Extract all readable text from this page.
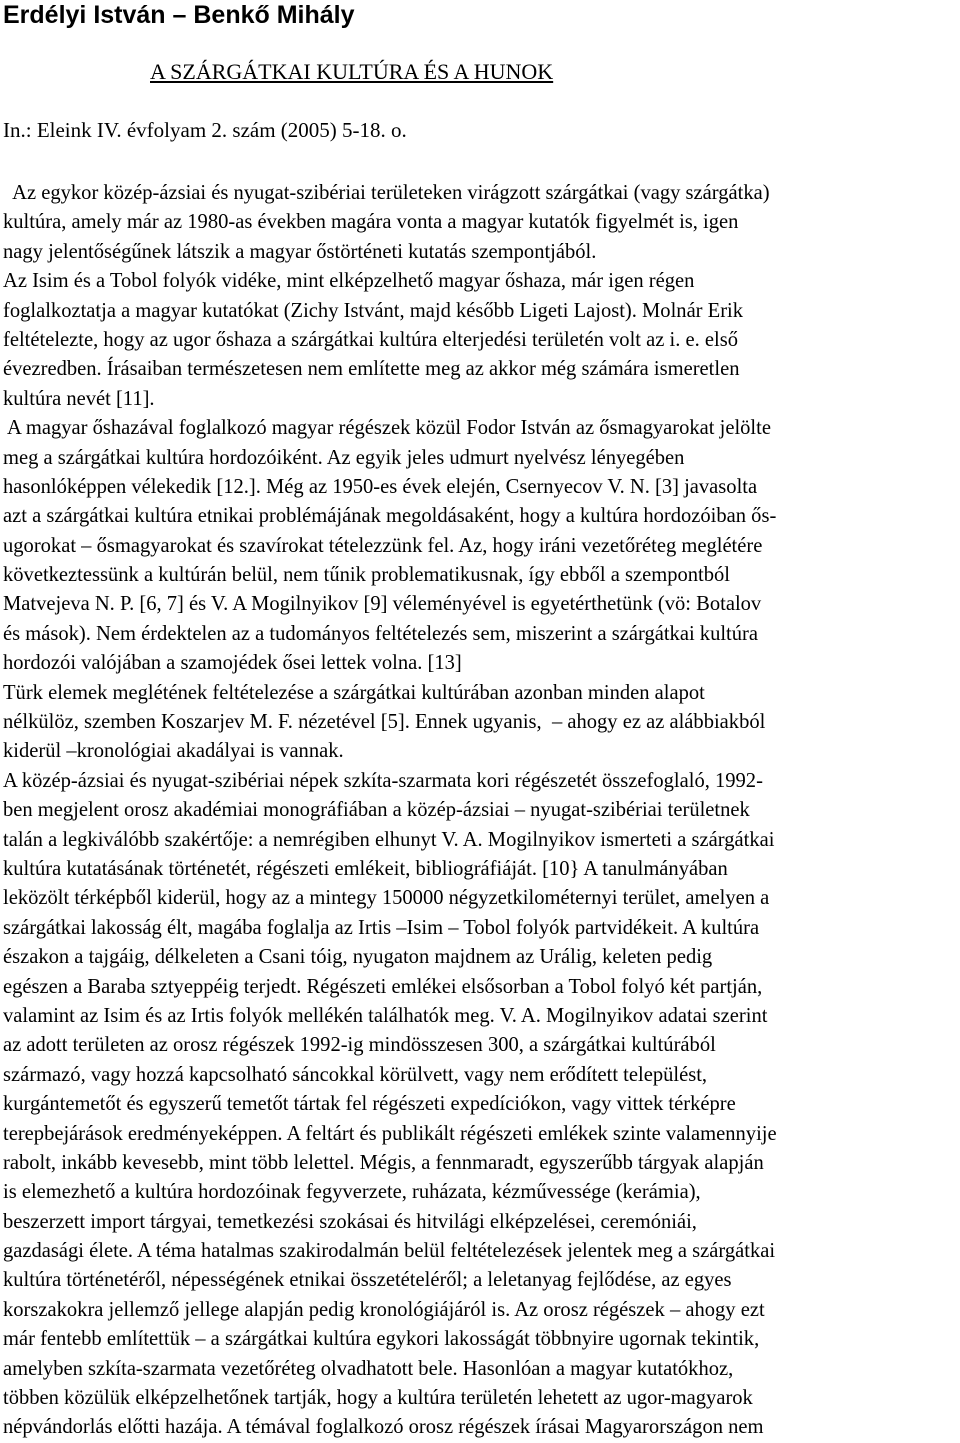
Erdélyi István – Benkő Mihály
A SZÁRGÁTKAI KULTÚRA ÉS A HUNOK
In.: Eleink IV. évfolyam 2. szám (2005) 5-18. o.
Az egykor közép-ázsiai és nyugat-szibériai területeken virágzott szárgátkai (vagy szárgátka)
kultúra, amely már az 1980-as években magára vonta a magyar kutatók figyelmét is, igen
nagy jelentőségűnek látszik a magyar őstörténeti kutatás szempontjából.
Az Isim és a Tobol folyók vidéke, mint elképzelhető magyar őshaza, már igen régen
foglalkoztatja a magyar kutatókat (Zichy Istvánt, majd később Ligeti Lajost). Molnár Erik
feltételezte, hogy az ugor őshaza a szárgátkai kultúra elterjedési területén volt az i. e. első
évezredben. Írásaiban természetesen nem említette meg az akkor még számára ismeretlen
kultúra nevét [11].
A magyar őshazával foglalkozó magyar régészek közül Fodor István az ősmagyarokat jelölte
meg a szárgátkai kultúra hordozóiként. Az egyik jeles udmurt nyelvész lényegében
hasonlóképpen vélekedik [12.]. Még az 1950-es évek elején, Csernyecov V. N. [3] javasolta
azt a szárgátkai kultúra etnikai problémájának megoldásaként, hogy a kultúra hordozóiban ős-
ugorokat – ősmagyarokat és szavírokat tételezzünk fel. Az, hogy iráni vezetőréteg meglétére
következtessünk a kultúrán belül, nem tűnik problematikusnak, így ebből a szempontból
Matvejeva N. P. [6, 7] és V. A Mogilnyikov [9] véleményével is egyetérthetünk (vö: Botalov
és mások). Nem érdektelen az a tudományos feltételezés sem, miszerint a szárgátkai kultúra
hordozói valójában a szamojédek ősei lettek volna. [13]
Türk elemek meglétének feltételezése a szárgátkai kultúrában azonban minden alapot
nélkülöz, szemben Koszarjev M. F. nézetével [5]. Ennek ugyanis,  – ahogy ez az alábbiakból
kiderül –kronológiai akadályai is vannak.
A közép-ázsiai és nyugat-szibériai népek szkíta-szarmata kori régészetét összefoglaló, 1992-
ben megjelent orosz akadémiai monográfiában a közép-ázsiai – nyugat-szibériai területnek
talán a legkiválóbb szakértője: a nemrégiben elhunyt V. A. Mogilnyikov ismerteti a szárgátkai
kultúra kutatásának történetét, régészeti emlékeit, bibliográfiáját. [10} A tanulmányában
leközölt térképből kiderül, hogy az a mintegy 150000 négyzetkilométernyi terület, amelyen a
szárgátkai lakosság élt, magába foglalja az Irtis –Isim – Tobol folyók partvidékeit. A kultúra
északon a tajgáig, délkeleten a Csani tóig, nyugaton majdnem az Urálig, keleten pedig
egészen a Baraba sztyeppéig terjedt. Régészeti emlékei elsősorban a Tobol folyó két partján,
valamint az Isim és az Irtis folyók mellékén találhatók meg. V. A. Mogilnyikov adatai szerint
az adott területen az orosz régészek 1992-ig mindösszesen 300, a szárgátkai kultúrából
származó, vagy hozzá kapcsolható sáncokkal körülvett, vagy nem erődített települést,
kurgántemetőt és egyszerű temetőt tártak fel régészeti expedíciókon, vagy vittek térképre
terepbejárások eredményeképpen. A feltárt és publikált régészeti emlékek szinte valamennyije
rabolt, inkább kevesebb, mint több lelettel. Mégis, a fennmaradt, egyszerűbb tárgyak alapján
is elemezhető a kultúra hordozóinak fegyverzete, ruházata, kézművessége (kerámia),
beszerzett import tárgyai, temetkezési szokásai és hitvilági elképzelései, ceremóniái,
gazdasági élete. A téma hatalmas szakirodalmán belül feltételezések jelentek meg a szárgátkai
kultúra történetéről, népességének etnikai összetételéről; a leletanyag fejlődése, az egyes
korszakokra jellemző jellege alapján pedig kronológiájáról is. Az orosz régészek – ahogy ezt
már fentebb említettük – a szárgátkai kultúra egykori lakosságát többnyire ugornak tekintik,
amelyben szkíta-szarmata vezetőréteg olvadhatott bele. Hasonlóan a magyar kutatókhoz,
többen közülük elképzelhetőnek tartják, hogy a kultúra területén lehetett az ugor-magyarok
népvándorlás előtti hazája. A témával foglalkozó orosz régészek írásai Magyarországon nem
